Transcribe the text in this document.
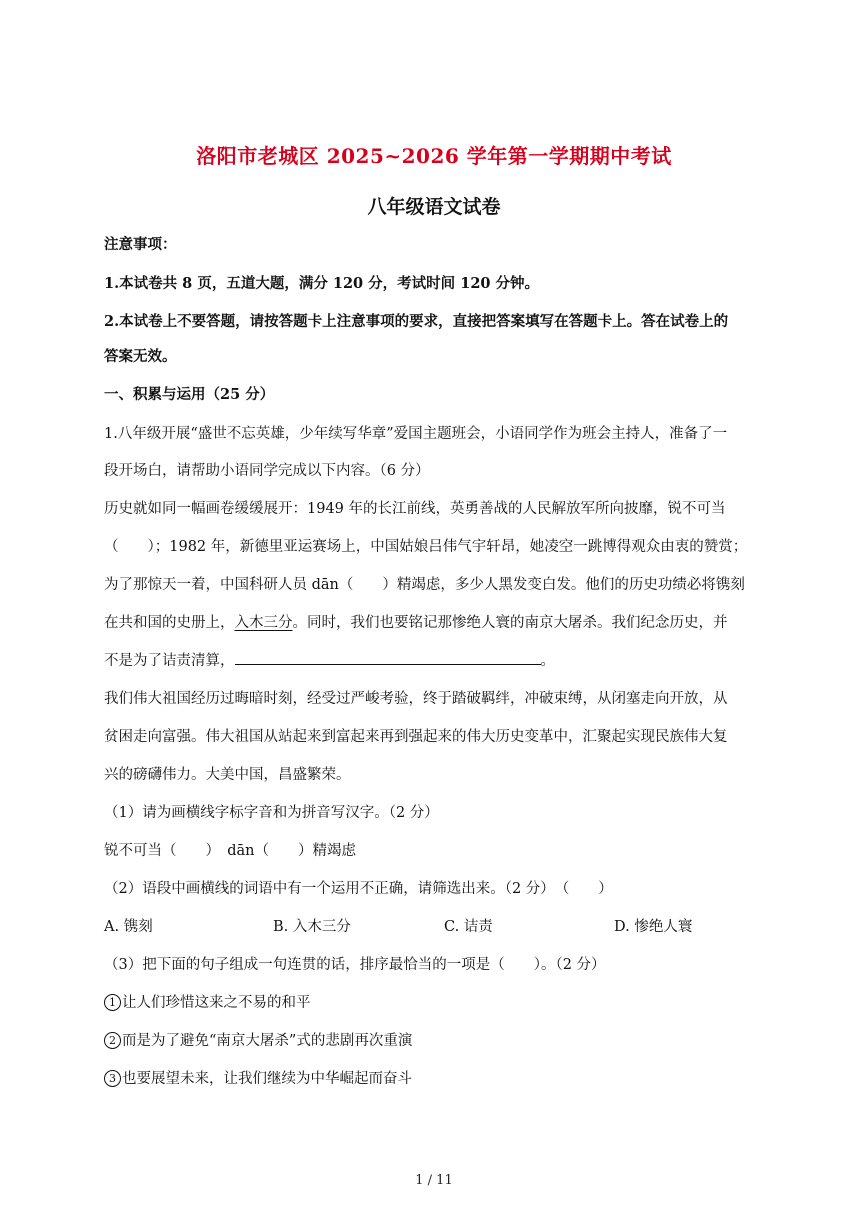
洛阳市老城区 2025~2026 学年第一学期期中考试
八年级语文试卷
注意事项：
1.本试卷共 8 页，五道大题，满分 120 分，考试时间 120 分钟。
2.本试卷上不要答题，请按答题卡上注意事项的要求，直接把答案填写在答题卡上。答在试卷上的
答案无效。
一、积累与运用（25 分）
1.八年级开展“盛世不忘英雄，少年续写华章”爱国主题班会，小语同学作为班会主持人，准备了一
段开场白，请帮助小语同学完成以下内容。（6 分）
历史就如同一幅画卷缓缓展开：1949 年的长江前线，英勇善战的人民解放军所向披靡，锐不可当
（　　）；1982 年，新德里亚运赛场上，中国姑娘吕伟气宇轩昂，她凌空一跳博得观众由衷的赞赏；
为了那惊天一着，中国科研人员 dān（　　）精竭虑，多少人黑发变白发。他们的历史功绩必将镌刻
在共和国的史册上，入木三分。同时，我们也要铭记那惨绝人寰的南京大屠杀。我们纪念历史，并
不是为了诘责清算，	。
我们伟大祖国经历过晦暗时刻，经受过严峻考验，终于踏破羁绊，冲破束缚，从闭塞走向开放，从
贫困走向富强。伟大祖国从站起来到富起来再到强起来的伟大历史变革中，汇聚起实现民族伟大复
兴的磅礴伟力。大美中国，昌盛繁荣。
（1）请为画横线字标字音和为拼音写汉字。（2 分）
锐不可当（　　）　dān（　　）精竭虑
（2）语段中画横线的词语中有一个运用不正确，请筛选出来。（2 分）　（　　）
A. 镌刻	B. 入木三分	C. 诘责	D. 惨绝人寰
（3）把下面的句子组成一句连贯的话，排序最恰当的一项是（　　）。（2 分）
1 让人们珍惜这来之不易的和平
2 而是为了避免“南京大屠杀”式的悲剧再次重演
3 也要展望未来，让我们继续为中华崛起而奋斗
1 / 11
